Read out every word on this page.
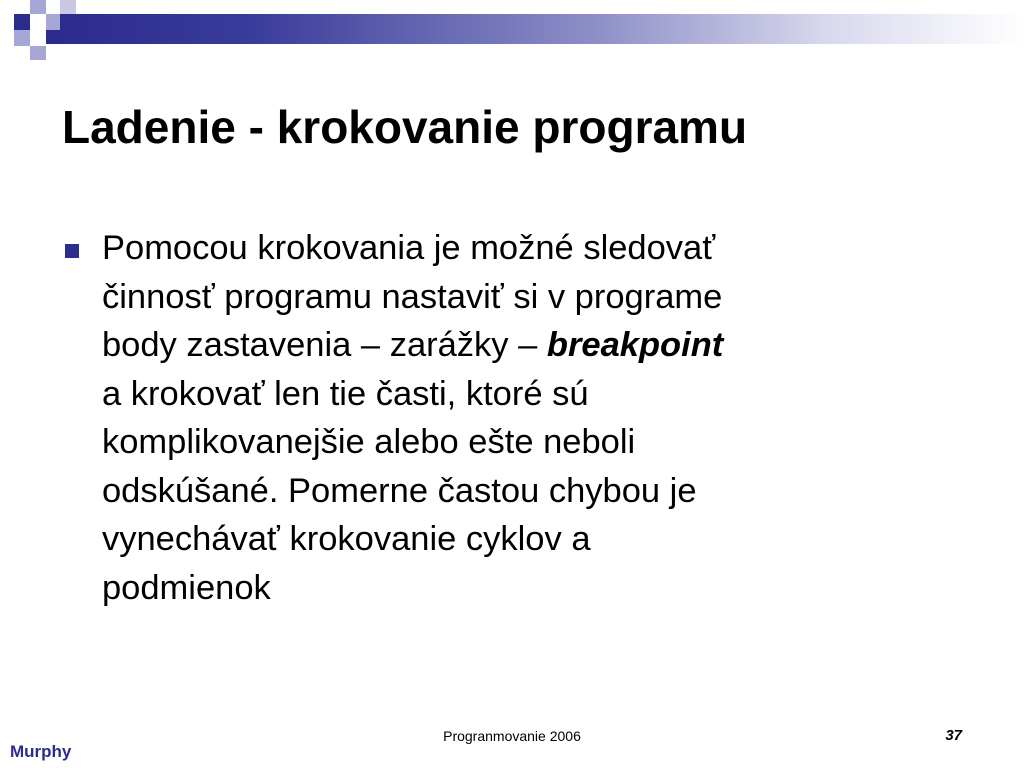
Ladenie - krokovanie programu
Pomocou krokovania je možné sledovať
činnosť programu nastaviť si v programe
body zastavenia – zarážky – breakpoint
a krokovať len tie časti, ktoré sú
komplikovanejšie alebo ešte neboli
odskúšané. Pomerne častou chybou je
vynechávať krokovanie cyklov a
podmienok
Progranmovanie 2006	37
Murphy
